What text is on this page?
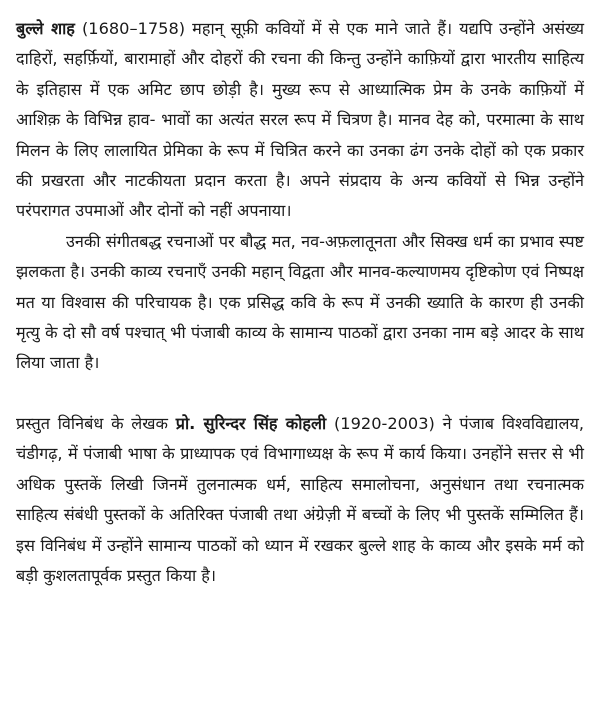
बुल्ले शाह (1680–1758) महान् सूफ़ी कवियों में से एक माने जाते हैं। यद्यपि उन्होंने असंख्य दाहिरों, सहर्फ़ियों, बारामाहों और दोहरों की रचना की किन्तु उन्होंने काफ़ियों द्वारा भारतीय साहित्य के इतिहास में एक अमिट छाप छोड़ी है। मुख्य रूप से आध्यात्मिक प्रेम के उनके काफ़ियों में आशिक़ के विभिन्न हाव- भावों का अत्यंत सरल रूप में चित्रण है। मानव देह को, परमात्मा के साथ मिलन के लिए लालायित प्रेमिका के रूप में चित्रित करने का उनका ढंग उनके दोहों को एक प्रकार की प्रखरता और नाटकीयता प्रदान करता है। अपने संप्रदाय के अन्य कवियों से भिन्न उन्होंने परंपरागत उपमाओं और दोनों को नहीं अपनाया।

उनकी संगीतबद्ध रचनाओं पर बौद्ध मत, नव-अफ़लातूनता और सिक्ख धर्म का प्रभाव स्पष्ट झलकता है। उनकी काव्य रचनाएँ उनकी महान् विद्वता और मानव-कल्याणमय दृष्टिकोण एवं निष्पक्ष मत या विश्वास की परिचायक है। एक प्रसिद्ध कवि के रूप में उनकी ख्याति के कारण ही उनकी मृत्यु के दो सौ वर्ष पश्चात् भी पंजाबी काव्य के सामान्य पाठकों द्वारा उनका नाम बड़े आदर के साथ लिया जाता है।

प्रस्तुत विनिबंध के लेखक प्रो. सुरिन्दर सिंह कोहली (1920-2003) ने पंजाब विश्वविद्यालय, चंडीगढ़, में पंजाबी भाषा के प्राध्यापक एवं विभागाध्यक्ष के रूप में कार्य किया। उनहोंने सत्तर से भी अधिक पुस्तकें लिखी जिनमें तुलनात्मक धर्म, साहित्य समालोचना, अनुसंधान तथा रचनात्मक साहित्य संबंधी पुस्तकों के अतिरिक्त पंजाबी तथा अंग्रेज़ी में बच्चों के लिए भी पुस्तकें सम्मिलित हैं। इस विनिबंध में उन्होंने सामान्य पाठकों को ध्यान में रखकर बुल्ले शाह के काव्य और इसके मर्म को बड़ी कुशलतापूर्वक प्रस्तुत किया है।
